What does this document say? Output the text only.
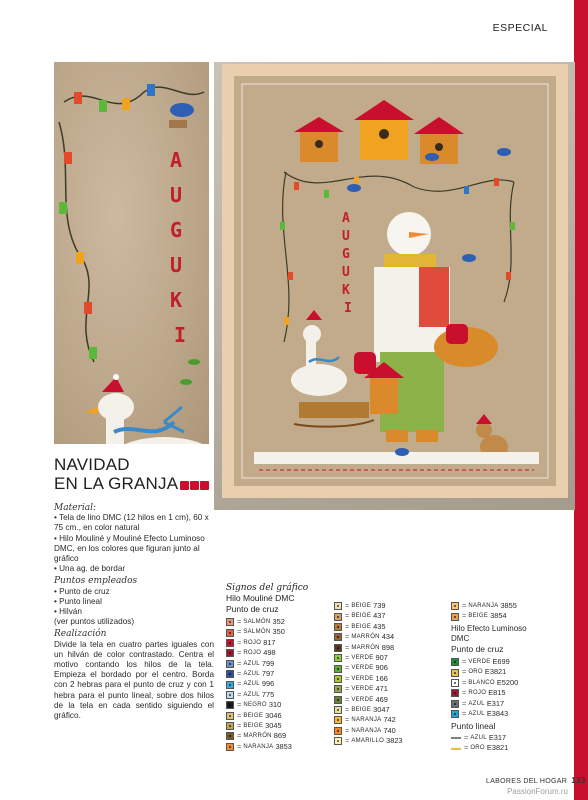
ESPECIAL
A
U
G
U
K
I
A
U
G
U
K
I
NAVIDAD
EN LA GRANJA
Material:
• Tela de lino DMC (12 hilos en 1 cm), 60 x 75 cm., en color natural
• Hilo Mouliné y Mouliné Efecto Luminoso DMC, en los colores que figuran junto al gráfico
• Una ag. de bordar
Puntos empleados
• Punto de cruz
• Punto lineal
• Hilván
(ver puntos utilizados)
Realización
Divide la tela en cuatro partes iguales con un hilván de color contrastado. Centra el motivo contando los hilos de la tela. Empieza el bordado por el centro. Borda con 2 hebras para el punto de cruz y con 1 hebra para el punto lineal, sobre dos hilos de la tela en cada sentido siguiendo el gráfico.
Signos del gráfico
Hilo Mouliné DMC
Punto de cruz
= SALMÓN 352
= SALMÓN 350
= ROJO 817
= ROJO 498
= AZUL 799
= AZUL 797
= AZUL 996
= AZUL 775
= NEGRO 310
= BEIGE 3046
= BEIGE 3045
= MARRÓN 869
= NARANJA 3853
= BEIGE 739
= BEIGE 437
= BEIGE 435
= MARRÓN 434
= MARRÓN 898
= VERDE 907
= VERDE 906
= VERDE 166
= VERDE 471
= VERDE 469
= BEIGE 3047
= NARANJA 742
= NARANJA 740
= AMARILLO 3823
= NARANJA 3855
= BEIGE 3854
Hilo Efecto Luminoso
DMC
Punto de cruz
= VERDE E699
= ORO E3821
= BLANCO E5200
= ROJO E815
= AZUL E317
= AZUL E3843
Punto lineal
= AZUL E317
= ORO E3821
LABORES DEL HOGAR 133
PassionForum.ru
